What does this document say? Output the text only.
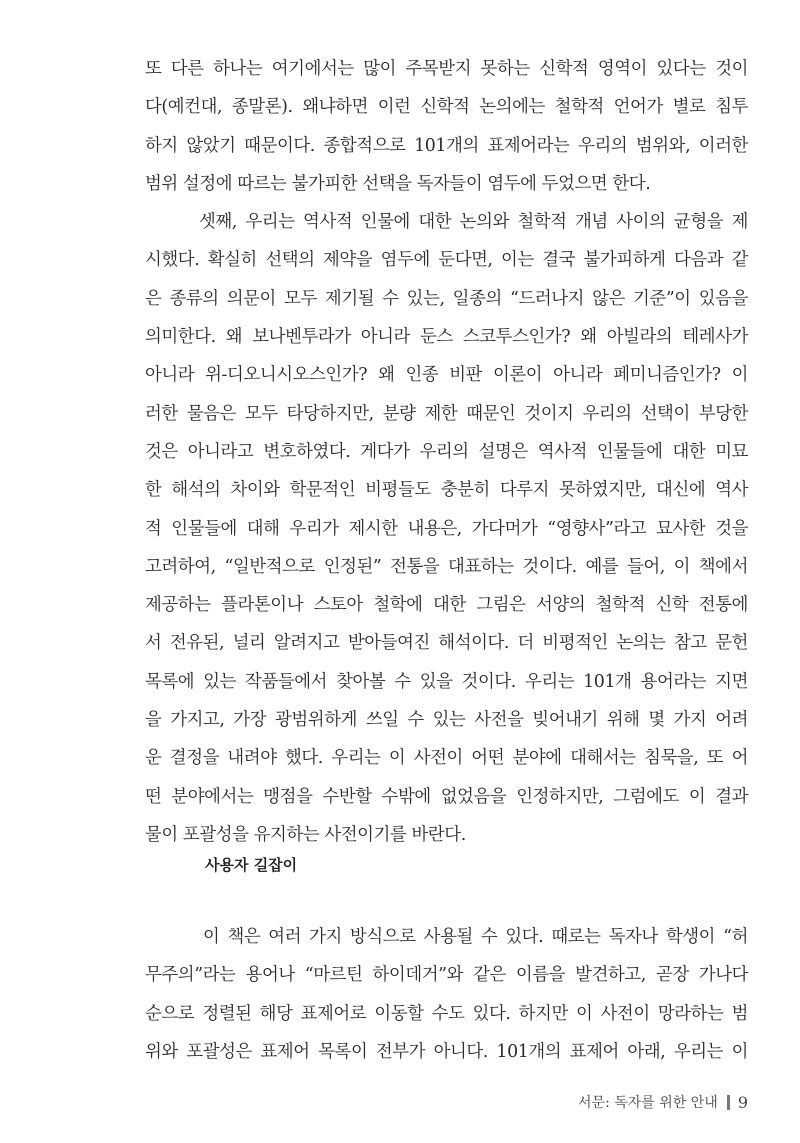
또 다른 하나는 여기에서는 많이 주목받지 못하는 신학적 영역이 있다는 것이
다(예컨대, 종말론). 왜냐하면 이런 신학적 논의에는 철학적 언어가 별로 침투
하지 않았기 때문이다. 종합적으로 101개의 표제어라는 우리의 범위와, 이러한
범위 설정에 따르는 불가피한 선택을 독자들이 염두에 두었으면 한다.
셋째, 우리는 역사적 인물에 대한 논의와 철학적 개념 사이의 균형을 제
시했다. 확실히 선택의 제약을 염두에 둔다면, 이는 결국 불가피하게 다음과 같
은 종류의 의문이 모두 제기될 수 있는, 일종의 “드러나지 않은 기준”이 있음을
의미한다. 왜 보나벤투라가 아니라 둔스 스코투스인가? 왜 아빌라의 테레사가
아니라 위-디오니시오스인가? 왜 인종 비판 이론이 아니라 페미니즘인가? 이
러한 물음은 모두 타당하지만, 분량 제한 때문인 것이지 우리의 선택이 부당한
것은 아니라고 변호하였다. 게다가 우리의 설명은 역사적 인물들에 대한 미묘
한 해석의 차이와 학문적인 비평들도 충분히 다루지 못하였지만, 대신에 역사
적 인물들에 대해 우리가 제시한 내용은, 가다머가 “영향사”라고 묘사한 것을
고려하여, “일반적으로 인정된” 전통을 대표하는 것이다. 예를 들어, 이 책에서
제공하는 플라톤이나 스토아 철학에 대한 그림은 서양의 철학적 신학 전통에
서 전유된, 널리 알려지고 받아들여진 해석이다. 더 비평적인 논의는 참고 문헌
목록에 있는 작품들에서 찾아볼 수 있을 것이다. 우리는 101개 용어라는 지면
을 가지고, 가장 광범위하게 쓰일 수 있는 사전을 빚어내기 위해 몇 가지 어려
운 결정을 내려야 했다. 우리는 이 사전이 어떤 분야에 대해서는 침묵을, 또 어
떤 분야에서는 맹점을 수반할 수밖에 없었음을 인정하지만, 그럼에도 이 결과
물이 포괄성을 유지하는 사전이기를 바란다.
사용자 길잡이
이 책은 여러 가지 방식으로 사용될 수 있다. 때로는 독자나 학생이 “허
무주의”라는 용어나 “마르틴 하이데거”와 같은 이름을 발견하고, 곧장 가나다
순으로 정렬된 해당 표제어로 이동할 수도 있다. 하지만 이 사전이 망라하는 범
위와 포괄성은 표제어 목록이 전부가 아니다. 101개의 표제어 아래, 우리는 이
서문: 독자를 위한 안내 9
